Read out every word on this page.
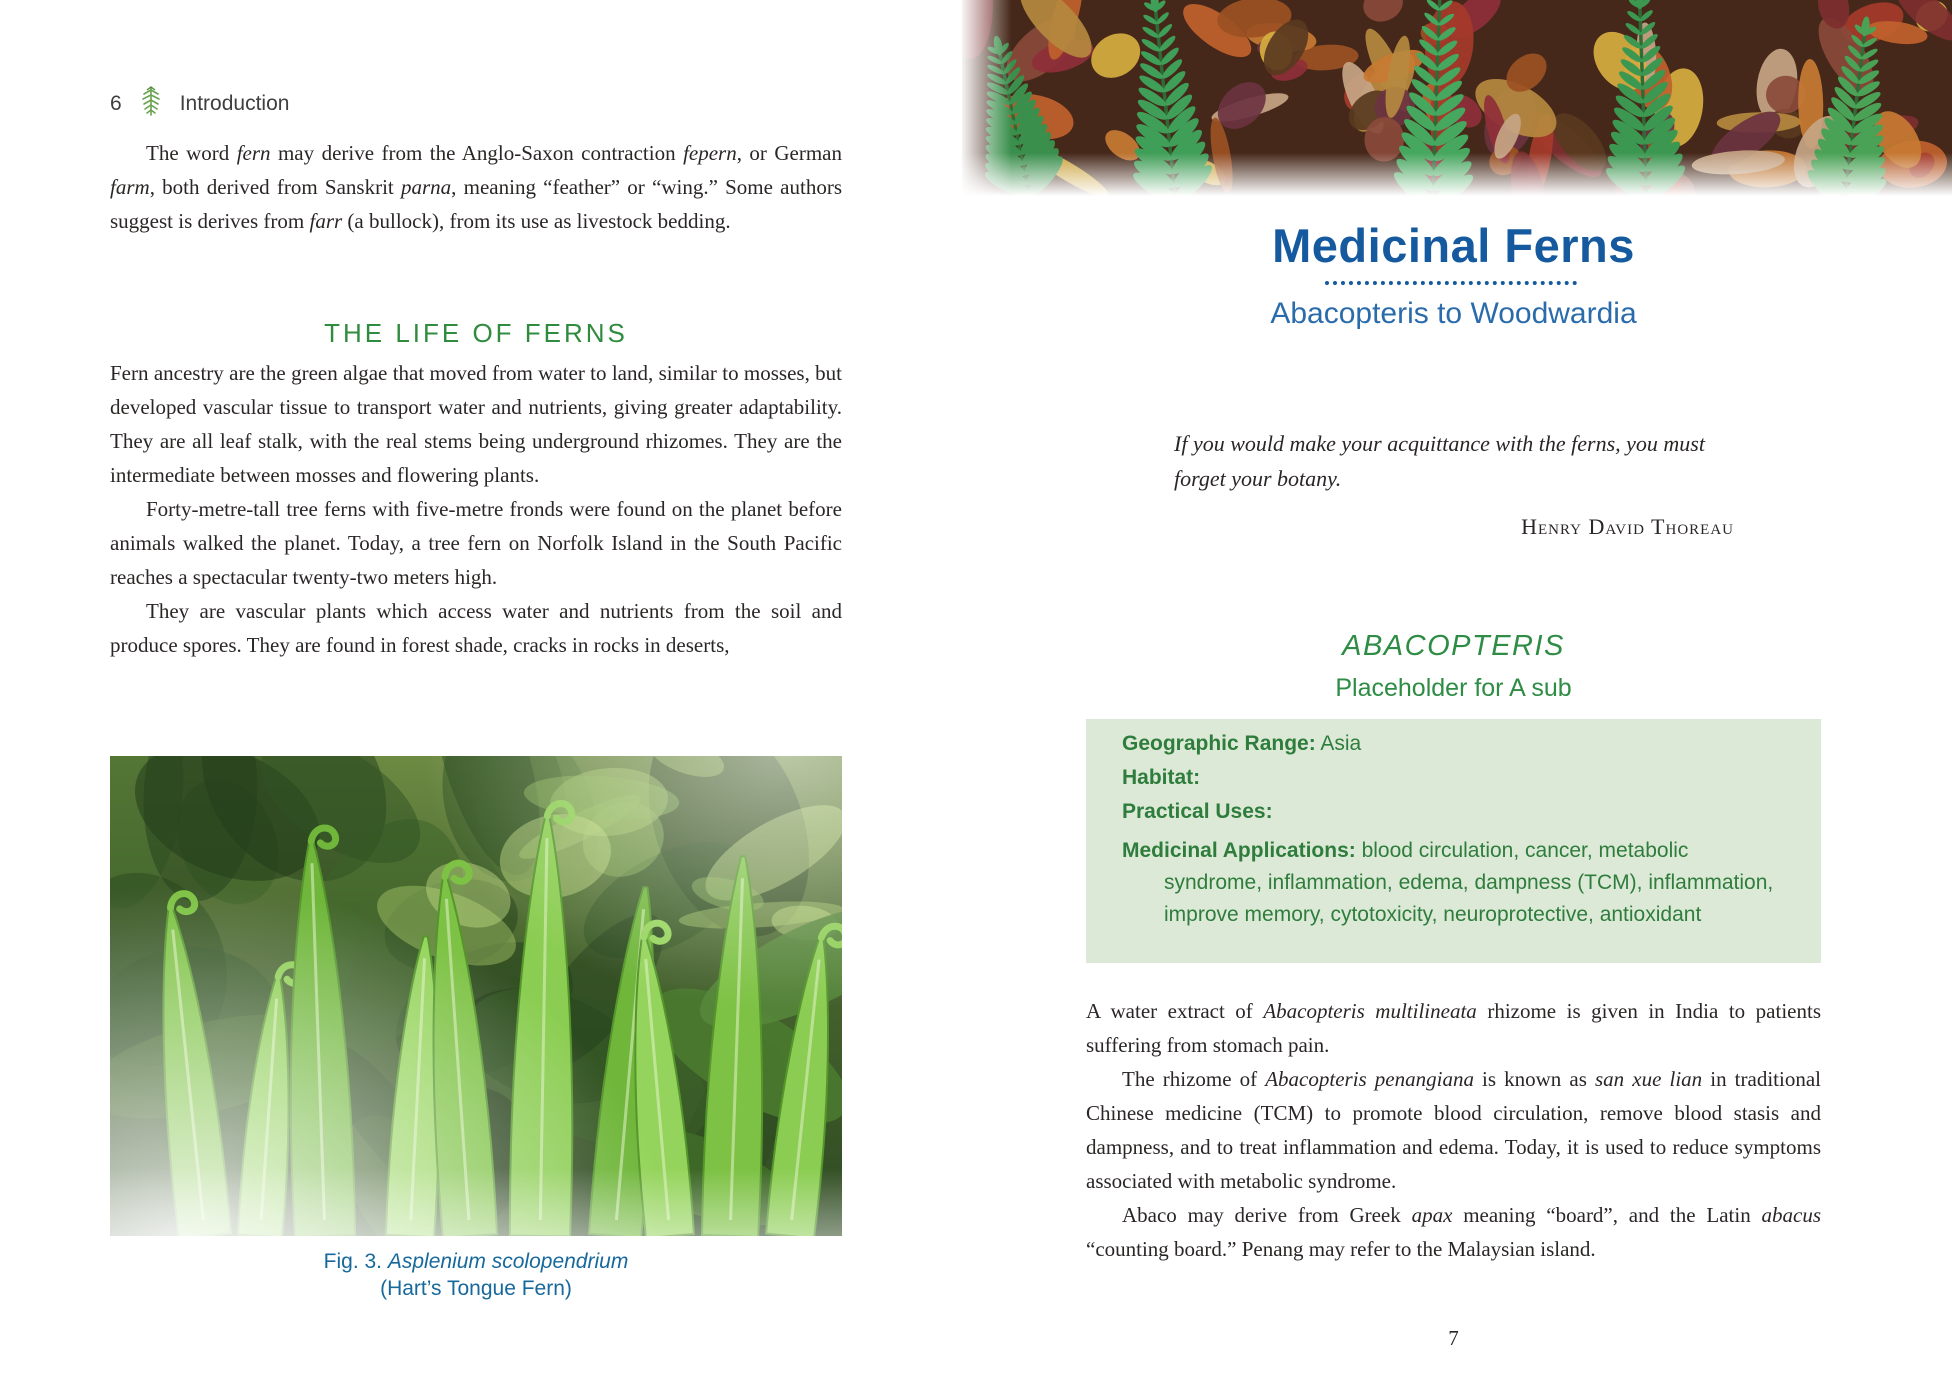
6	Introduction

The word fern may derive from the Anglo-Saxon contraction fepern, or German farm, both derived from Sanskrit parna, meaning “feather” or “wing.” Some authors suggest is derives from farr (a bullock), from its use as livestock bedding.

THE LIFE OF FERNS

Fern ancestry are the green algae that moved from water to land, similar to mosses, but developed vascular tissue to transport water and nutrients, giving greater adaptability. They are all leaf stalk, with the real stems being underground rhizomes. They are the intermediate between mosses and flowering plants.

Forty-metre-tall tree ferns with five-metre fronds were found on the planet before animals walked the planet. Today, a tree fern on Norfolk Island in the South Pacific reaches a spectacular twenty-two meters high.

They are vascular plants which access water and nutrients from the soil and produce spores. They are found in forest shade, cracks in rocks in deserts,

Fig. 3. Asplenium scolopendrium
(Hart’s Tongue Fern)
Medicinal Ferns
Abacopteris to Woodwardia
If you would make your acquittance with the ferns, you must forget your botany.
Henry David Thoreau
ABACOPTERIS
Placeholder for A sub

Geographic Range: Asia

Habitat:

Practical Uses:

Medicinal Applications: blood circulation, cancer, metabolic syndrome, inflammation, edema, dampness (TCM), inflammation, improve memory, cytotoxicity, neuroprotective, antioxidant

A water extract of Abacopteris multilineata rhizome is given in India to patients suffering from stomach pain.

The rhizome of Abacopteris penangiana is known as san xue lian in traditional Chinese medicine (TCM) to promote blood circulation, remove blood stasis and dampness, and to treat inflammation and edema. Today, it is used to reduce symptoms associated with metabolic syndrome.

Abaco may derive from Greek apax meaning “board”, and the Latin abacus “counting board.” Penang may refer to the Malaysian island.

7
